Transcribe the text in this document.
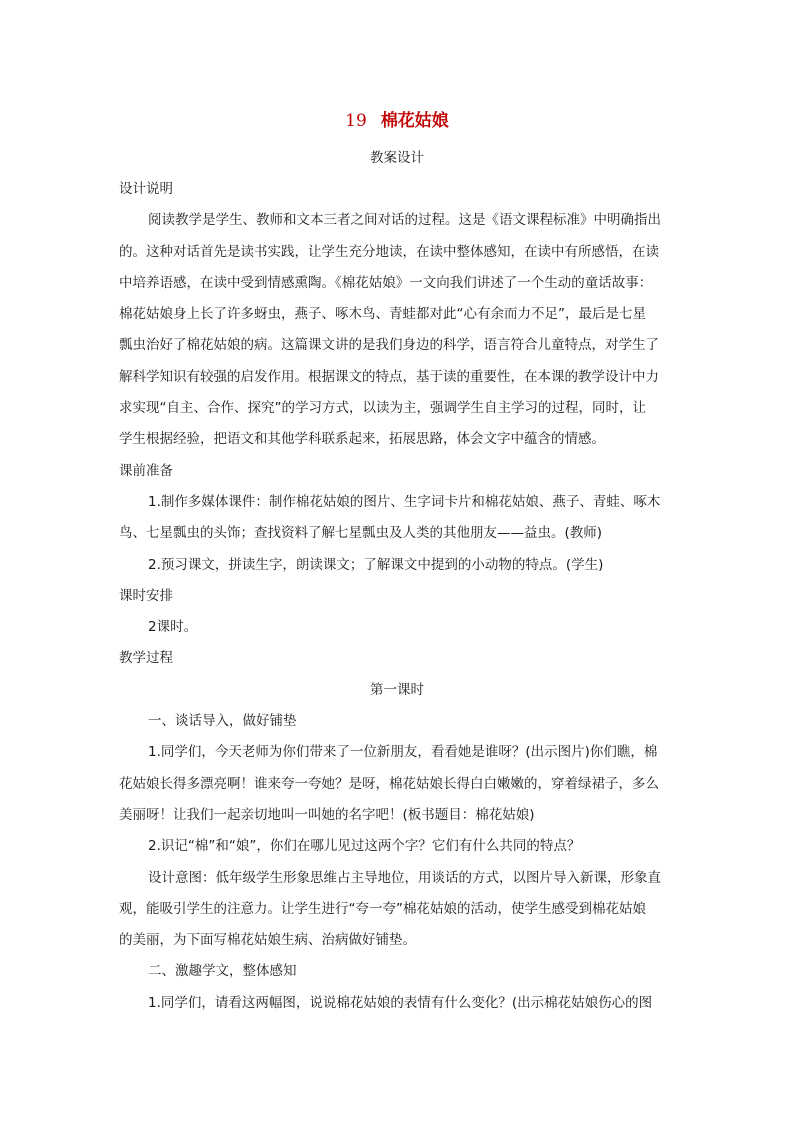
19 棉花姑娘
教案设计

设计说明

阅读教学是学生、教师和文本三者之间对话的过程。这是《语文课程标准》中明确指出

的。这种对话首先是读书实践，让学生充分地读，在读中整体感知，在读中有所感悟，在读

中培养语感，在读中受到情感熏陶。《棉花姑娘》一文向我们讲述了一个生动的童话故事：

棉花姑娘身上长了许多蚜虫，燕子、啄木鸟、青蛙都对此“心有余而力不足”，最后是七星

瓢虫治好了棉花姑娘的病。这篇课文讲的是我们身边的科学，语言符合儿童特点，对学生了

解科学知识有较强的启发作用。根据课文的特点，基于读的重要性，在本课的教学设计中力

求实现“自主、合作、探究”的学习方式，以读为主，强调学生自主学习的过程，同时，让

学生根据经验，把语文和其他学科联系起来，拓展思路，体会文字中蕴含的情感。

课前准备

1.制作多媒体课件：制作棉花姑娘的图片、生字词卡片和棉花姑娘、燕子、青蛙、啄木

鸟、七星瓢虫的头饰；查找资料了解七星瓢虫及人类的其他朋友——益虫。(教师)

2.预习课文，拼读生字，朗读课文；了解课文中提到的小动物的特点。(学生)

课时安排

2课时。

教学过程

第一课时

一、谈话导入，做好铺垫

1.同学们，今天老师为你们带来了一位新朋友，看看她是谁呀？(出示图片)你们瞧，棉

花姑娘长得多漂亮啊！谁来夸一夸她？是呀，棉花姑娘长得白白嫩嫩的，穿着绿裙子，多么

美丽呀！让我们一起亲切地叫一叫她的名字吧！(板书题目：棉花姑娘)

2.识记“棉”和“娘”，你们在哪儿见过这两个字？它们有什么共同的特点？

设计意图：低年级学生形象思维占主导地位，用谈话的方式，以图片导入新课，形象直

观，能吸引学生的注意力。让学生进行“夸一夸”棉花姑娘的活动，使学生感受到棉花姑娘

的美丽，为下面写棉花姑娘生病、治病做好铺垫。

二、激趣学文，整体感知

1.同学们，请看这两幅图，说说棉花姑娘的表情有什么变化？(出示棉花姑娘伤心的图
